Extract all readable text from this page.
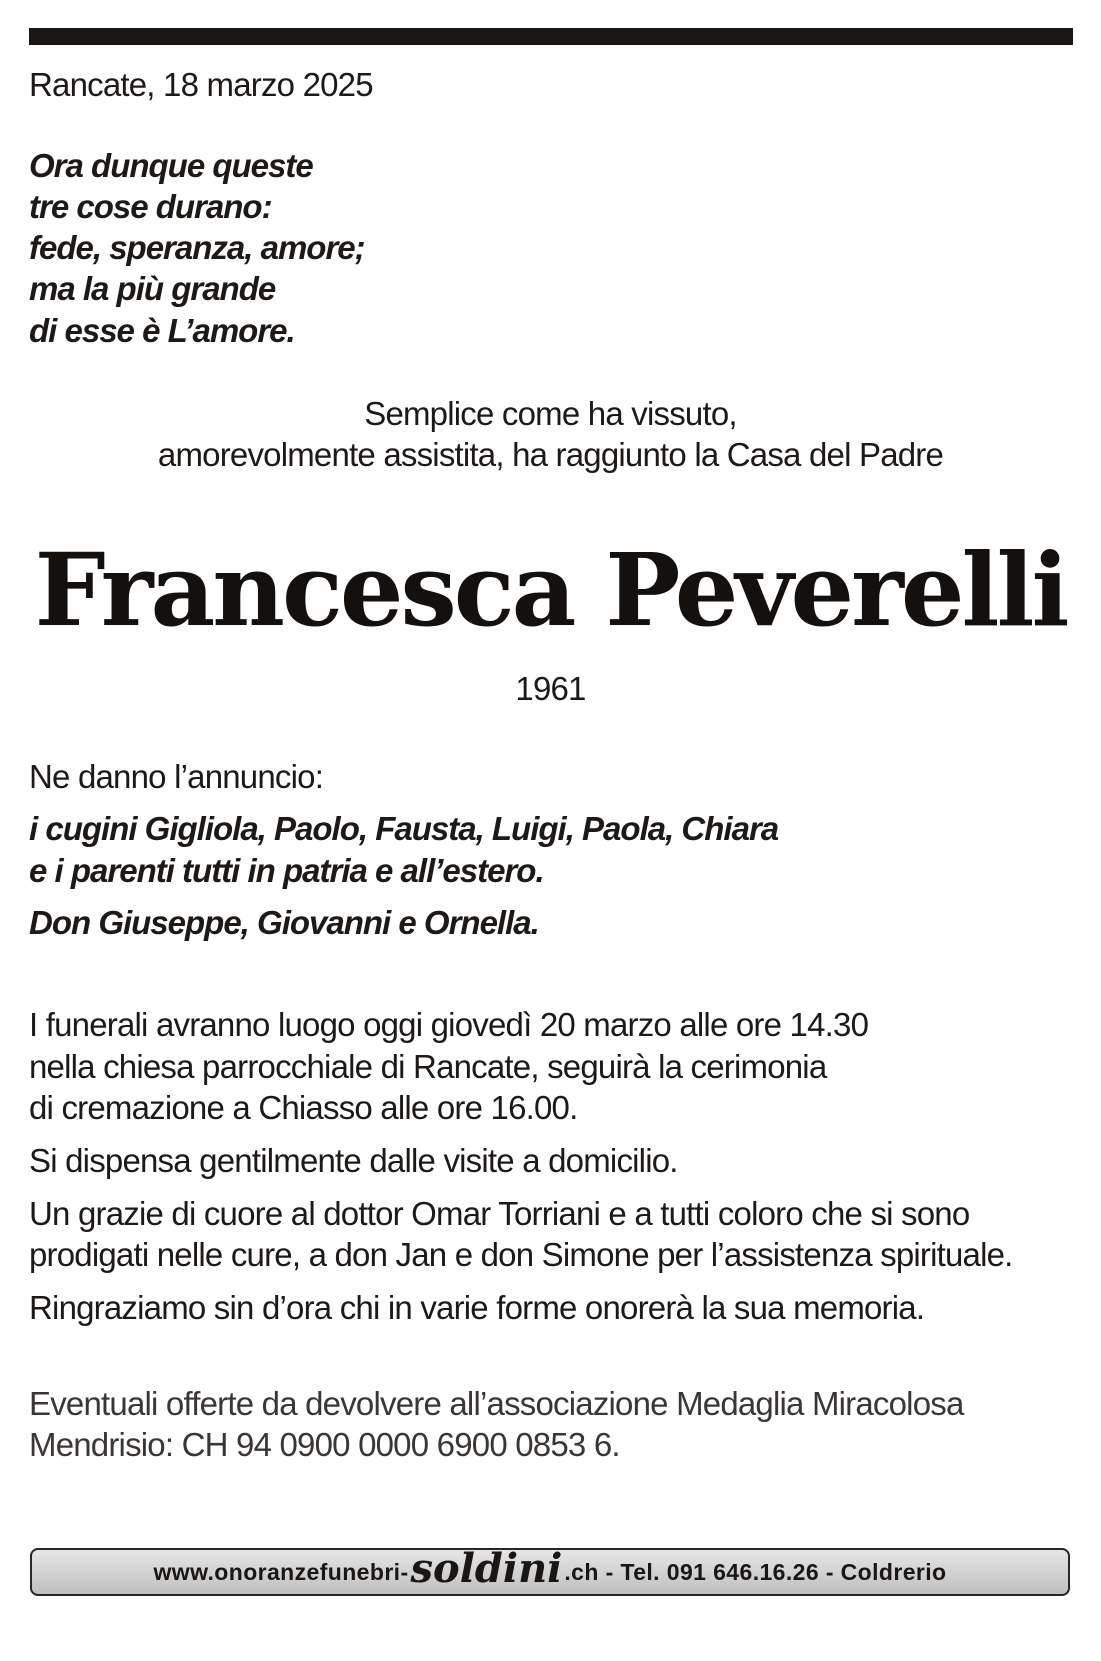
Rancate, 18 marzo 2025
Ora dunque queste
tre cose durano:
fede, speranza, amore;
ma la più grande
di esse è L’amore.
Semplice come ha vissuto,
amorevolmente assistita, ha raggiunto la Casa del Padre
Francesca Peverelli
1961
Ne danno l’annuncio:
i cugini Gigliola, Paolo, Fausta, Luigi, Paola, Chiara
e i parenti tutti in patria e all’estero.
Don Giuseppe, Giovanni e Ornella.
I funerali avranno luogo oggi giovedì 20 marzo alle ore 14.30
nella chiesa parrocchiale di Rancate, seguirà la cerimonia
di cremazione a Chiasso alle ore 16.00.
Si dispensa gentilmente dalle visite a domicilio.
Un grazie di cuore al dottor Omar Torriani e a tutti coloro che si sono
prodigati nelle cure, a don Jan e don Simone per l’assistenza spirituale.
Ringraziamo sin d’ora chi in varie forme onorerà la sua memoria.
Eventuali offerte da devolvere all’associazione Medaglia Miracolosa
Mendrisio: CH 94 0900 0000 6900 0853 6.
www.onoranzefunebri- soldini .ch - Tel. 091 646.16.26 - Coldrerio
